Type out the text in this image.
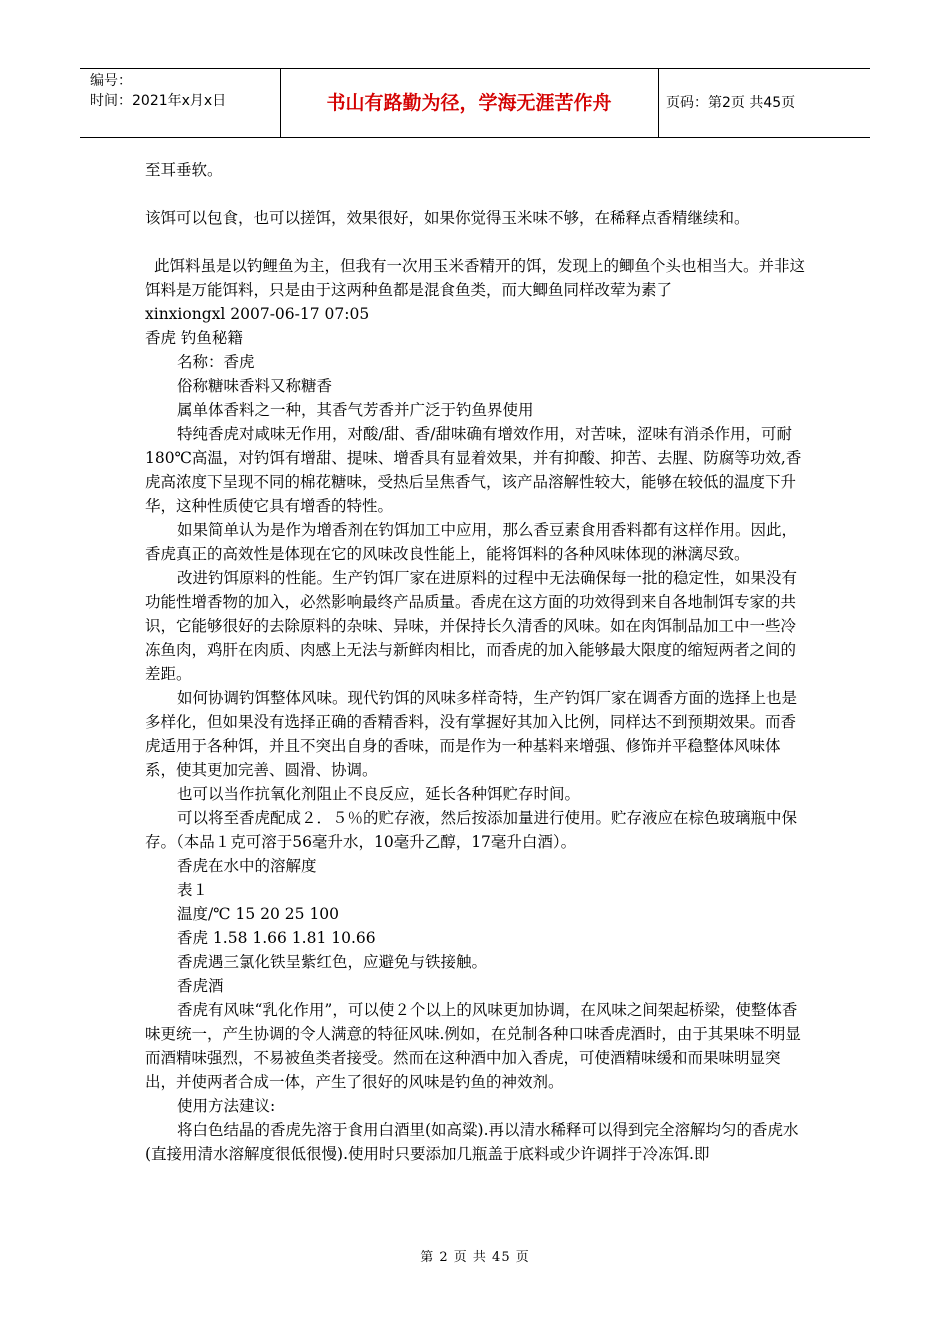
编号：
时间：2021年x月x日	书山有路勤为径，学海无涯苦作舟	页码：第2页 共45页

至耳垂软。

该饵可以包食，也可以搓饵，效果很好，如果你觉得玉米味不够，在稀释点香精继续和。

此饵料虽是以钓鲤鱼为主，但我有一次用玉米香精开的饵，发现上的鲫鱼个头也相当大。并非这饵料是万能饵料，只是由于这两种鱼都是混食鱼类，而大鲫鱼同样改荤为素了

xinxiongxl 2007-06-17 07:05

香虎 钓鱼秘籍

名称：香虎

俗称糖味香料又称糖香

属单体香料之一种，其香气芳香并广泛于钓鱼界使用

特纯香虎对咸味无作用，对酸/甜、香/甜味确有增效作用，对苦味，涩味有消杀作用，可耐180℃高温，对钓饵有增甜、提味、增香具有显着效果，并有抑酸、抑苦、去腥、防腐等功效,香虎高浓度下呈现不同的棉花糖味，受热后呈焦香气，该产品溶解性较大，能够在较低的温度下升华，这种性质使它具有增香的特性。

如果简单认为是作为增香剂在钓饵加工中应用，那么香豆素食用香料都有这样作用。因此，香虎真正的高效性是体现在它的风味改良性能上，能将饵料的各种风味体现的淋漓尽致。

改进钓饵原料的性能。生产钓饵厂家在进原料的过程中无法确保每一批的稳定性，如果没有功能性增香物的加入，必然影响最终产品质量。香虎在这方面的功效得到来自各地制饵专家的共识，它能够很好的去除原料的杂味、异味，并保持长久清香的风味。如在肉饵制品加工中一些冷冻鱼肉，鸡肝在肉质、肉感上无法与新鲜肉相比，而香虎的加入能够最大限度的缩短两者之间的差距。

如何协调钓饵整体风味。现代钓饵的风味多样奇特，生产钓饵厂家在调香方面的选择上也是多样化，但如果没有选择正确的香精香料，没有掌握好其加入比例，同样达不到预期效果。而香虎适用于各种饵，并且不突出自身的香味，而是作为一种基料来增强、修饰并平稳整体风味体系，使其更加完善、圆滑、协调。

也可以当作抗氧化剂阻止不良反应，延长各种饵贮存时间。

可以将至香虎配成２．５％的贮存液，然后按添加量进行使用。贮存液应在棕色玻璃瓶中保存。（本品１克可溶于56毫升水，10毫升乙醇，17毫升白酒）。

香虎在水中的溶解度

表１

温度/℃ 15 20 25 100

香虎 1.58 1.66 1.81 10.66

香虎遇三氯化铁呈紫红色，应避免与铁接触。

香虎酒

香虎有风味“乳化作用”，可以使２个以上的风味更加协调，在风味之间架起桥梁，使整体香味更统一，产生协调的令人满意的特征风味.例如，在兑制各种口味香虎酒时，由于其果味不明显而酒精味强烈，不易被鱼类者接受。然而在这种酒中加入香虎，可使酒精味缓和而果味明显突出，并使两者合成一体，产生了很好的风味是钓鱼的神效剂。

使用方法建议:

将白色结晶的香虎先溶于食用白酒里(如高粱).再以清水稀释可以得到完全溶解均匀的香虎水(直接用清水溶解度很低很慢).使用时只要添加几瓶盖于底料或少许调拌于冷冻饵.即

第 2 页 共 45 页
